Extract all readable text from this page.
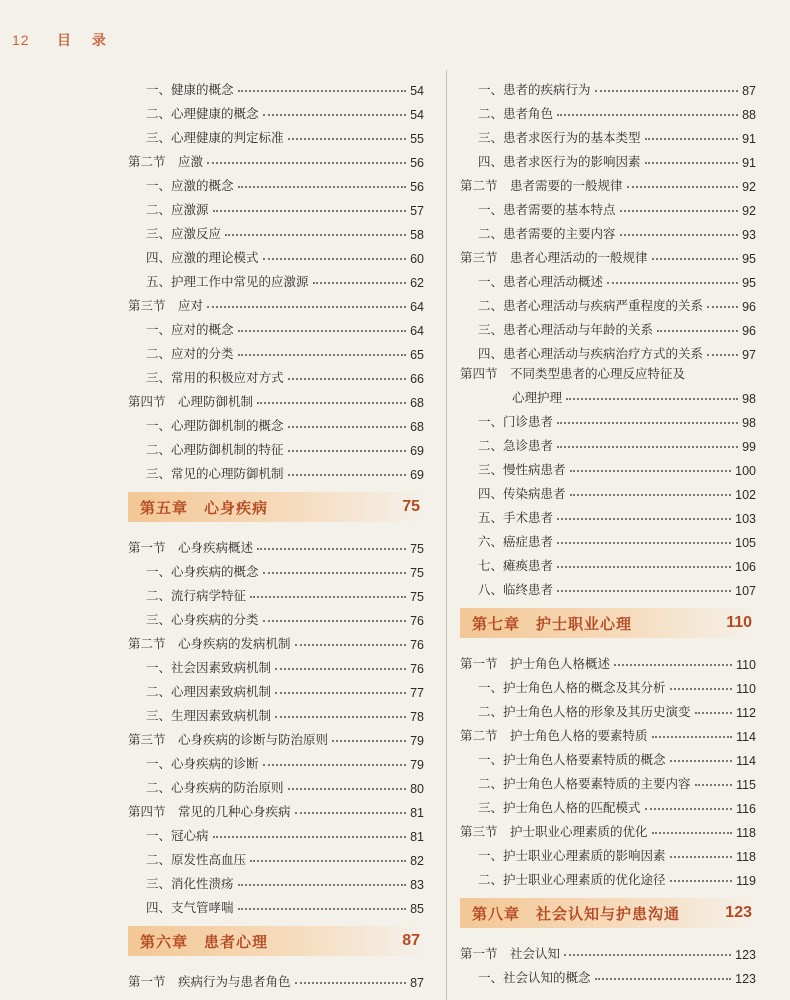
12 目 录
一、健康的概念	54
二、心理健康的概念	54
三、心理健康的判定标准	55
第二节　应激	56
一、应激的概念	56
二、应激源	57
三、应激反应	58
四、应激的理论模式	60
五、护理工作中常见的应激源	62
第三节　应对	64
一、应对的概念	64
二、应对的分类	65
三、常用的积极应对方式	66
第四节　心理防御机制	68
一、心理防御机制的概念	68
二、心理防御机制的特征	69
三、常见的心理防御机制	69
第五章　心身疾病	75
第一节　心身疾病概述	75
一、心身疾病的概念	75
二、流行病学特征	75
三、心身疾病的分类	76
第二节　心身疾病的发病机制	76
一、社会因素致病机制	76
二、心理因素致病机制	77
三、生理因素致病机制	78
第三节　心身疾病的诊断与防治原则	79
一、心身疾病的诊断	79
二、心身疾病的防治原则	80
第四节　常见的几种心身疾病	81
一、冠心病	81
二、原发性高血压	82
三、消化性溃疡	83
四、支气管哮喘	85
第六章　患者心理	87
第一节　疾病行为与患者角色	87
一、患者的疾病行为	87
二、患者角色	88
三、患者求医行为的基本类型	91
四、患者求医行为的影响因素	91
第二节　患者需要的一般规律	92
一、患者需要的基本特点	92
二、患者需要的主要内容	93
第三节　患者心理活动的一般规律	95
一、患者心理活动概述	95
二、患者心理活动与疾病严重程度的关系	96
三、患者心理活动与年龄的关系	96
四、患者心理活动与疾病治疗方式的关系	97
第四节　不同类型患者的心理反应特征及
心理护理	98
一、门诊患者	98
二、急诊患者	99
三、慢性病患者	100
四、传染病患者	102
五、手术患者	103
六、癌症患者	105
七、瘫痪患者	106
八、临终患者	107
第七章　护士职业心理	110
第一节　护士角色人格概述	110
一、护士角色人格的概念及其分析	110
二、护士角色人格的形象及其历史演变	112
第二节　护士角色人格的要素特质	114
一、护士角色人格要素特质的概念	114
二、护士角色人格要素特质的主要内容	115
三、护士角色人格的匹配模式	116
第三节　护士职业心理素质的优化	118
一、护士职业心理素质的影响因素	118
二、护士职业心理素质的优化途径	119
第八章　社会认知与护患沟通	123
第一节　社会认知	123
一、社会认知的概念	123
